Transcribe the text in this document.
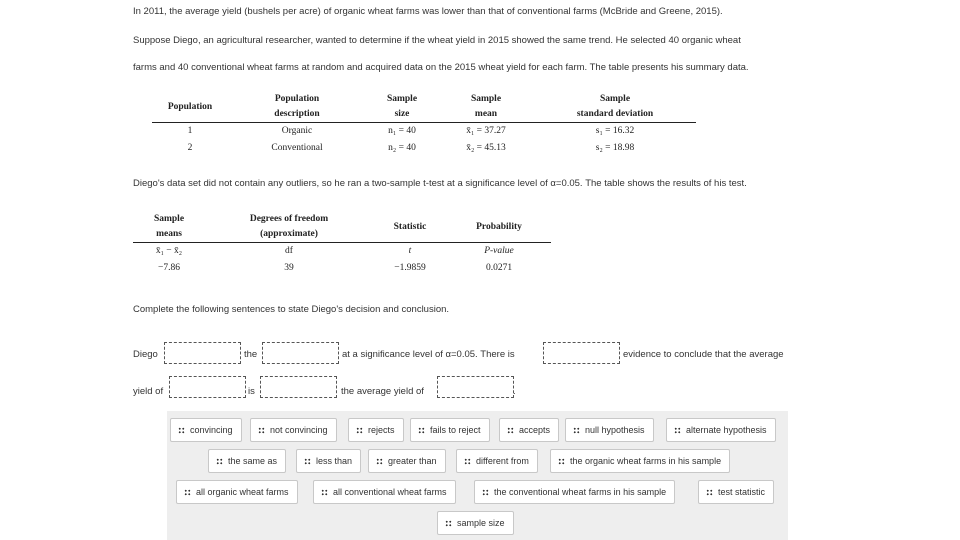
In 2011, the average yield (bushels per acre) of organic wheat farms was lower than that of conventional farms (McBride and Greene, 2015).

Suppose Diego, an agricultural researcher, wanted to determine if the wheat yield in 2015 showed the same trend. He selected 40 organic wheat

farms and 40 conventional wheat farms at random and acquired data on the 2015 wheat yield for each farm. The table presents his summary data.

Population	Population	Sample	Sample	Sample
	description	size	mean	standard deviation
1	Organic	n₁ = 40	x̄₁ = 37.27	s₁ = 16.32
2	Conventional	n₂ = 40	x̄₂ = 45.13	s₂ = 18.98

Diego's data set did not contain any outliers, so he ran a two-sample t-test at a significance level of α=0.05. The table shows the results of his test.

Sample	Degrees of freedom	Statistic	Probability
means	(approximate)		
x̄₁ − x̄₂	df	t	P-value
−7.86	39	−1.9859	0.0271

Complete the following sentences to state Diego's decision and conclusion.

Diego	the	at a significance level of α=0.05. There is	evidence to conclude that the average
yield of	is	the average yield of	.
convincing	not convincing	rejects	fails to reject	accepts	null hypothesis	alternate hypothesis
the same as	less than	greater than	different from	the organic wheat farms in his sample
all organic wheat farms	all conventional wheat farms	the conventional wheat farms in his sample	test statistic
sample size
